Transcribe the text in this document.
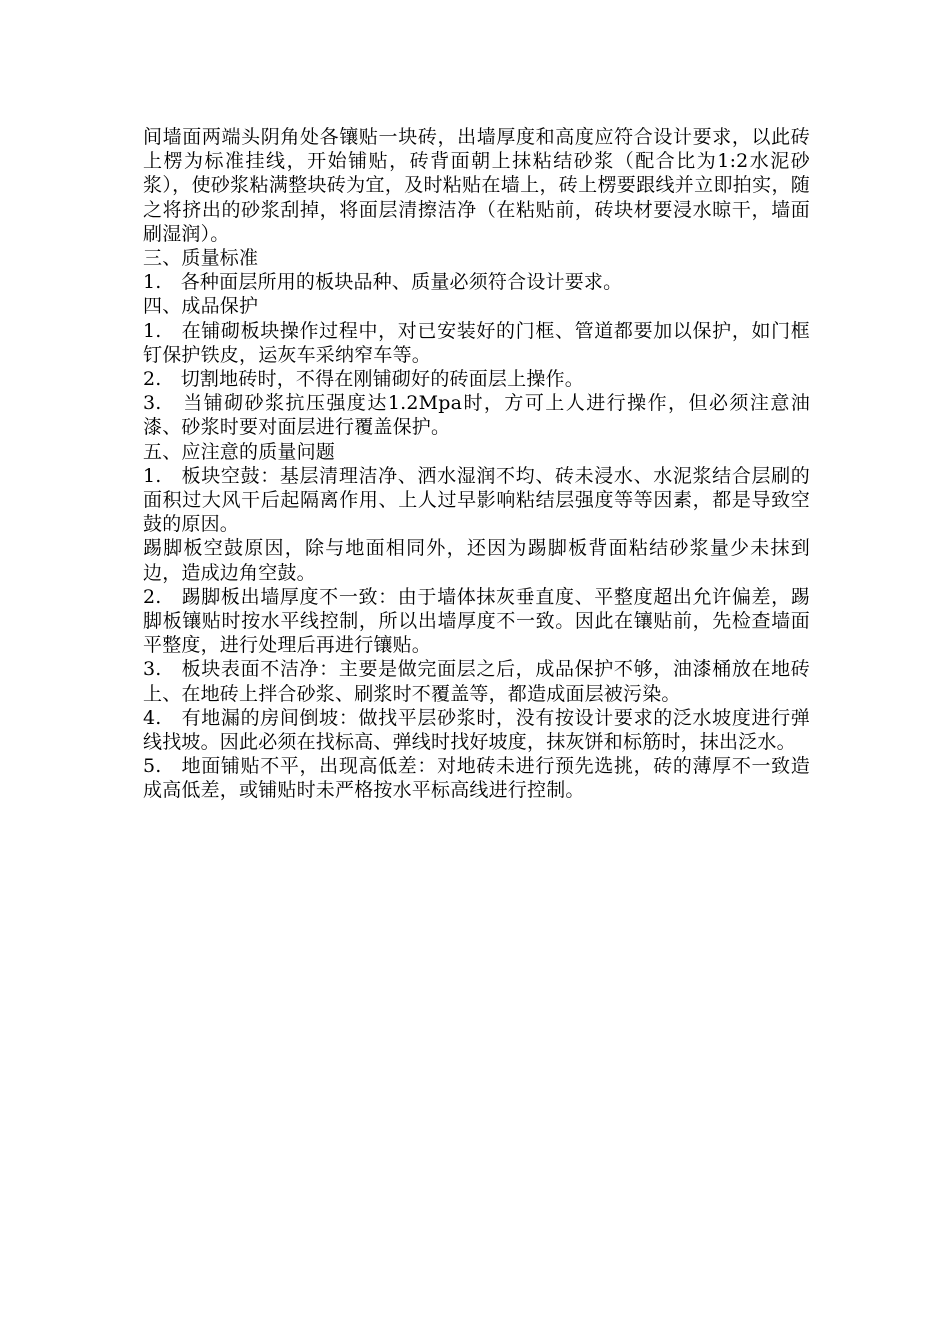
间墙面两端头阴角处各镶贴一块砖，出墙厚度和高度应符合设计要求，以此砖上楞为标准挂线，开始铺贴，砖背面朝上抹粘结砂浆（配合比为1:2水泥砂浆），使砂浆粘满整块砖为宜，及时粘贴在墙上，砖上楞要跟线并立即拍实，随之将挤出的砂浆刮掉，将面层清擦洁净（在粘贴前，砖块材要浸水晾干，墙面刷湿润）。

三、质量标准

1.　各种面层所用的板块品种、质量必须符合设计要求。

四、成品保护

1.　在铺砌板块操作过程中，对已安装好的门框、管道都要加以保护，如门框钉保护铁皮，运灰车采纳窄车等。

2.　切割地砖时，不得在刚铺砌好的砖面层上操作。

3.　当铺砌砂浆抗压强度达1.2Mpa时，方可上人进行操作，但必须注意油漆、砂浆时要对面层进行覆盖保护。

五、应注意的质量问题

1.　板块空鼓：基层清理洁净、洒水湿润不均、砖未浸水、水泥浆结合层刷的面积过大风干后起隔离作用、上人过早影响粘结层强度等等因素，都是导致空鼓的原因。

踢脚板空鼓原因，除与地面相同外，还因为踢脚板背面粘结砂浆量少未抹到边，造成边角空鼓。

2.　踢脚板出墙厚度不一致：由于墙体抹灰垂直度、平整度超出允许偏差，踢脚板镶贴时按水平线控制，所以出墙厚度不一致。因此在镶贴前，先检查墙面平整度，进行处理后再进行镶贴。

3.　板块表面不洁净：主要是做完面层之后，成品保护不够，油漆桶放在地砖上、在地砖上拌合砂浆、刷浆时不覆盖等，都造成面层被污染。

4.　有地漏的房间倒坡：做找平层砂浆时，没有按设计要求的泛水坡度进行弹线找坡。因此必须在找标高、弹线时找好坡度，抹灰饼和标筋时，抹出泛水。

5.　地面铺贴不平，出现高低差：对地砖未进行预先选挑，砖的薄厚不一致造成高低差，或铺贴时未严格按水平标高线进行控制。
